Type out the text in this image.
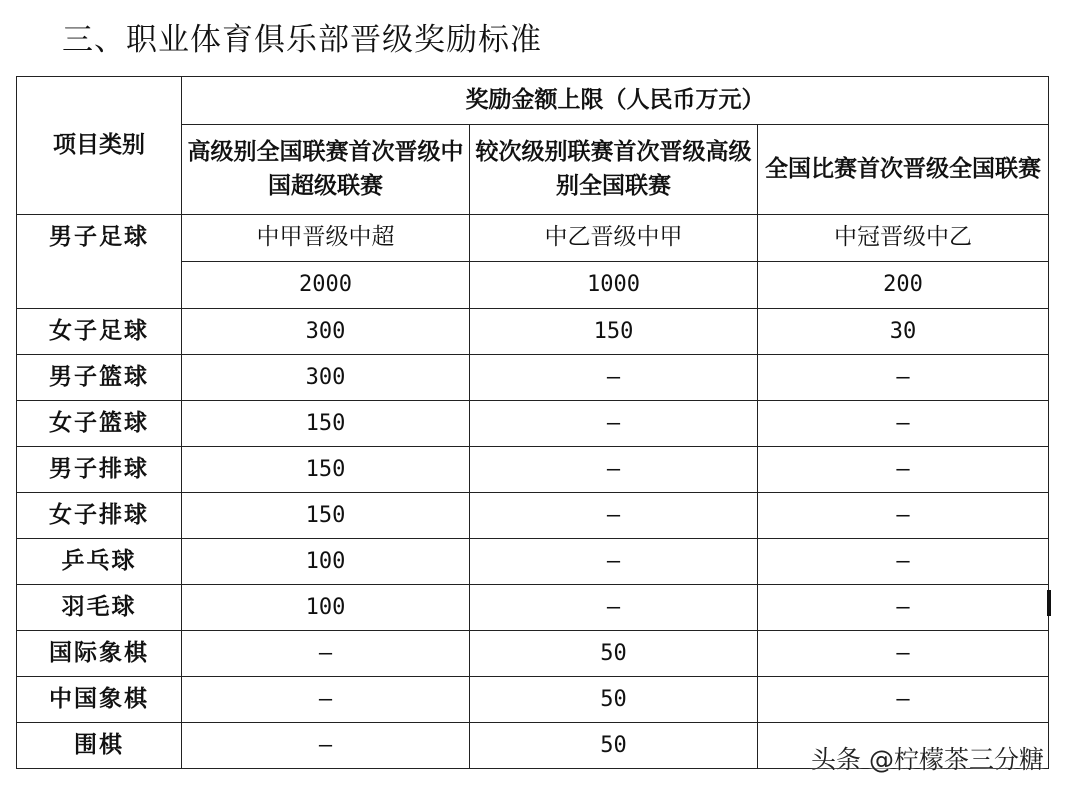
三、职业体育俱乐部晋级奖励标准
项目类别	奖励金额上限（人民币万元）		
	高级别全国联赛首次晋级中国超级联赛	较次级别联赛首次晋级高级别全国联赛	全国比赛首次晋级全国联赛
男子足球	中甲晋级中超	中乙晋级中甲	中冠晋级中乙
	2000	1000	200
女子足球	300	150	30
男子篮球	300	–	–
女子篮球	150	–	–
男子排球	150	–	–
女子排球	150	–	–
乒乓球	100	–	–
羽毛球	100	–	–
国际象棋	–	50	–
中国象棋	–	50	–
围棋	–	50		头条 @柠檬茶三分糖
